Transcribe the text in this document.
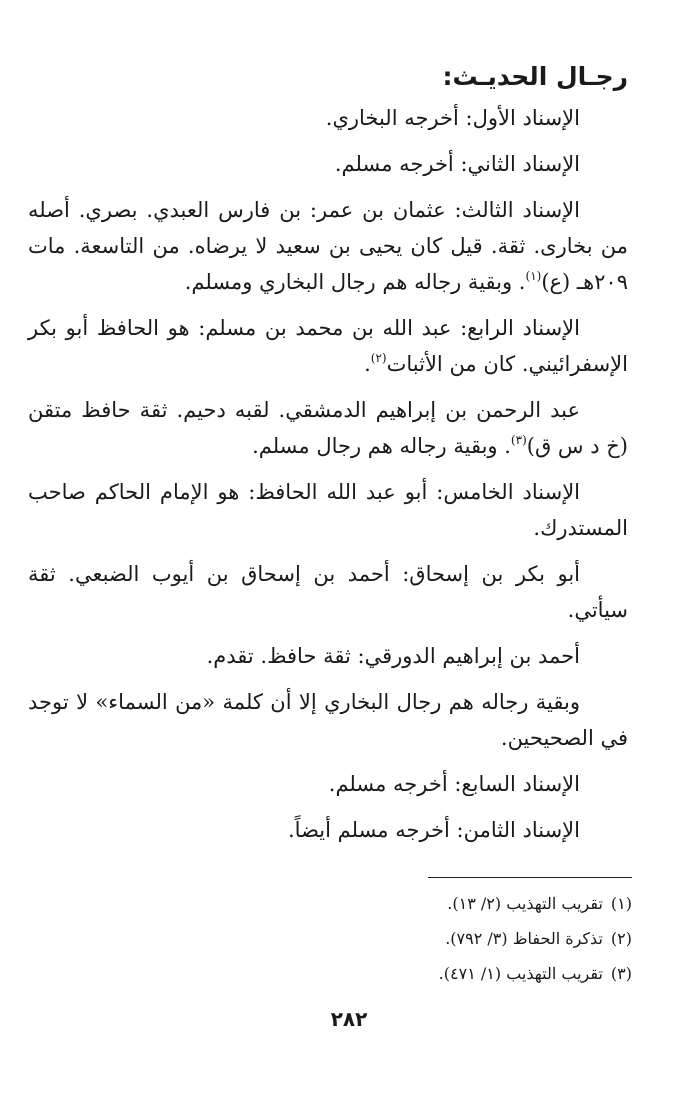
رجـال الحديـث:

الإسناد الأول: أخرجه البخاري.

الإسناد الثاني: أخرجه مسلم.

الإسناد الثالث: عثمان بن عمر: بن فارس العبدي. بصري. أصله من بخارى. ثقة. قيل كان يحيى بن سعيد لا يرضاه. من التاسعة. مات ٢٠٩هـ (ع)$^{(١)}$. وبقية رجاله هم رجال البخاري ومسلم.

الإسناد الرابع: عبد الله بن محمد بن مسلم: هو الحافظ أبو بكر الإسفرائيني. كان من الأثبات$^{(٢)}$.

عبد الرحمن بن إبراهيم الدمشقي. لقبه دحيم. ثقة حافظ متقن (خ د س ق)$^{(٣)}$. وبقية رجاله هم رجال مسلم.

الإسناد الخامس: أبو عبد الله الحافظ: هو الإمام الحاكم صاحب المستدرك.

أبو بكر بن إسحاق: أحمد بن إسحاق بن أيوب الضبعي. ثقة سيأتي.

أحمد بن إبراهيم الدورقي: ثقة حافظ. تقدم.

وبقية رجاله هم رجال البخاري إلا أن كلمة «من السماء» لا توجد في الصحيحين.

الإسناد السابع: أخرجه مسلم.

الإسناد الثامن: أخرجه مسلم أيضاً.

(١)تقريب التهذيب (٢/ ١٣).
(٢)تذكرة الحفاظ (٣/ ٧٩٢).
(٣)تقريب التهذيب (١/ ٤٧١).
٢٨٢
